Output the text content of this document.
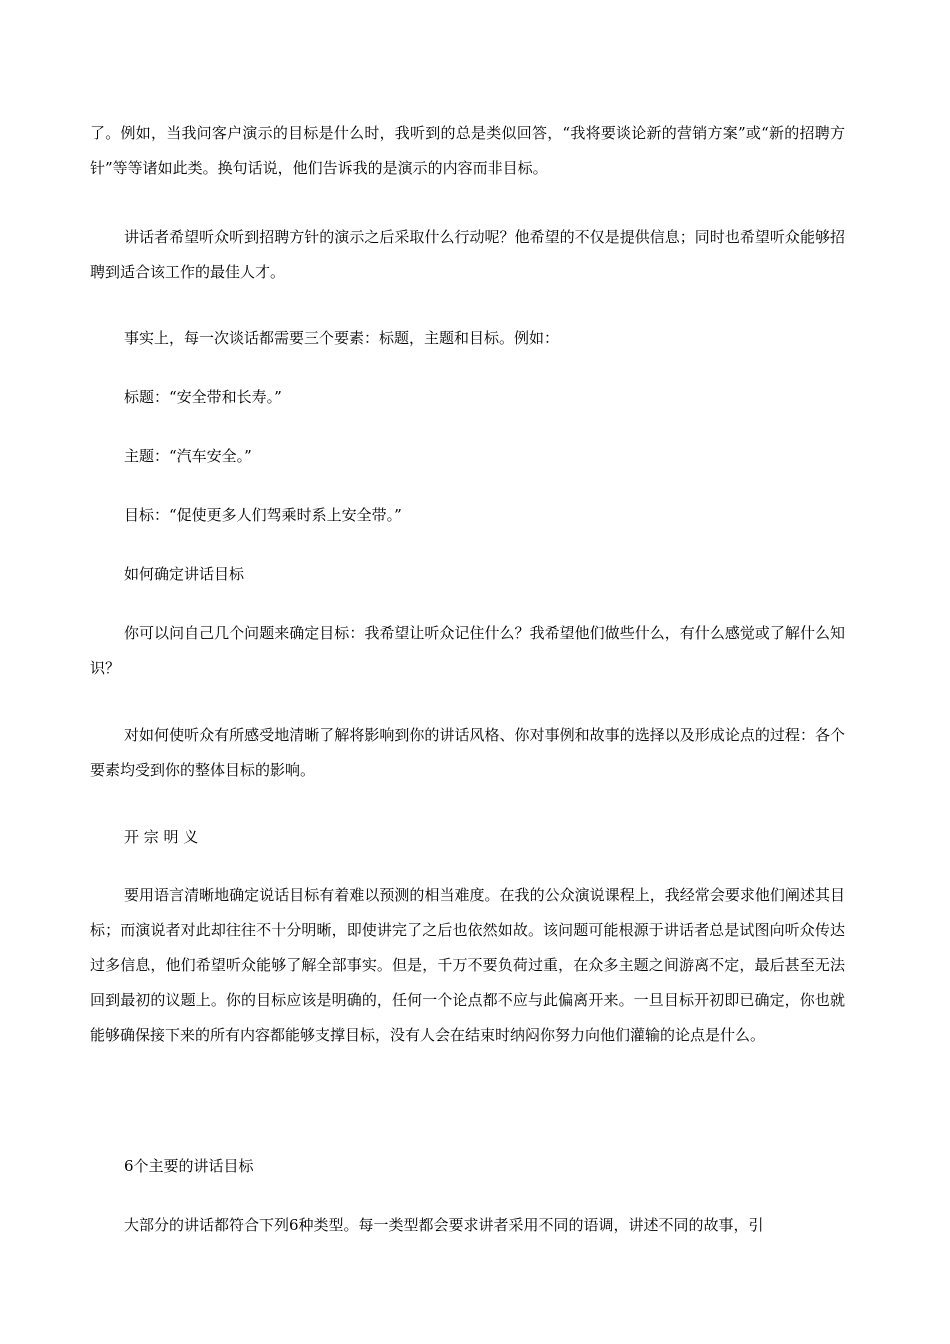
了。例如，当我问客户演示的目标是什么时，我听到的总是类似回答，“我将要谈论新的营销方案”或“新的招聘方针”等等诸如此类。换句话说，他们告诉我的是演示的内容而非目标。

讲话者希望听众听到招聘方针的演示之后采取什么行动呢？他希望的不仅是提供信息；同时也希望听众能够招聘到适合该工作的最佳人才。

事实上，每一次谈话都需要三个要素：标题，主题和目标。例如：

标题：“安全带和长寿。”

主题：“汽车安全。”

目标：“促使更多人们驾乘时系上安全带。”

如何确定讲话目标

你可以问自己几个问题来确定目标：我希望让听众记住什么？我希望他们做些什么，有什么感觉或了解什么知识？

对如何使听众有所感受地清晰了解将影响到你的讲话风格、你对事例和故事的选择以及形成论点的过程：各个要素均受到你的整体目标的影响。

开 宗 明 义

要用语言清晰地确定说话目标有着难以预测的相当难度。在我的公众演说课程上，我经常会要求他们阐述其目标；而演说者对此却往往不十分明晰，即使讲完了之后也依然如故。该问题可能根源于讲话者总是试图向听众传达过多信息，他们希望听众能够了解全部事实。但是，千万不要负荷过重，在众多主题之间游离不定，最后甚至无法回到最初的议题上。你的目标应该是明确的，任何一个论点都不应与此偏离开来。一旦目标开初即已确定，你也就能够确保接下来的所有内容都能够支撑目标，没有人会在结束时纳闷你努力向他们灌输的论点是什么。

6个主要的讲话目标

大部分的讲话都符合下列6种类型。每一类型都会要求讲者采用不同的语调，讲述不同的故事，引
